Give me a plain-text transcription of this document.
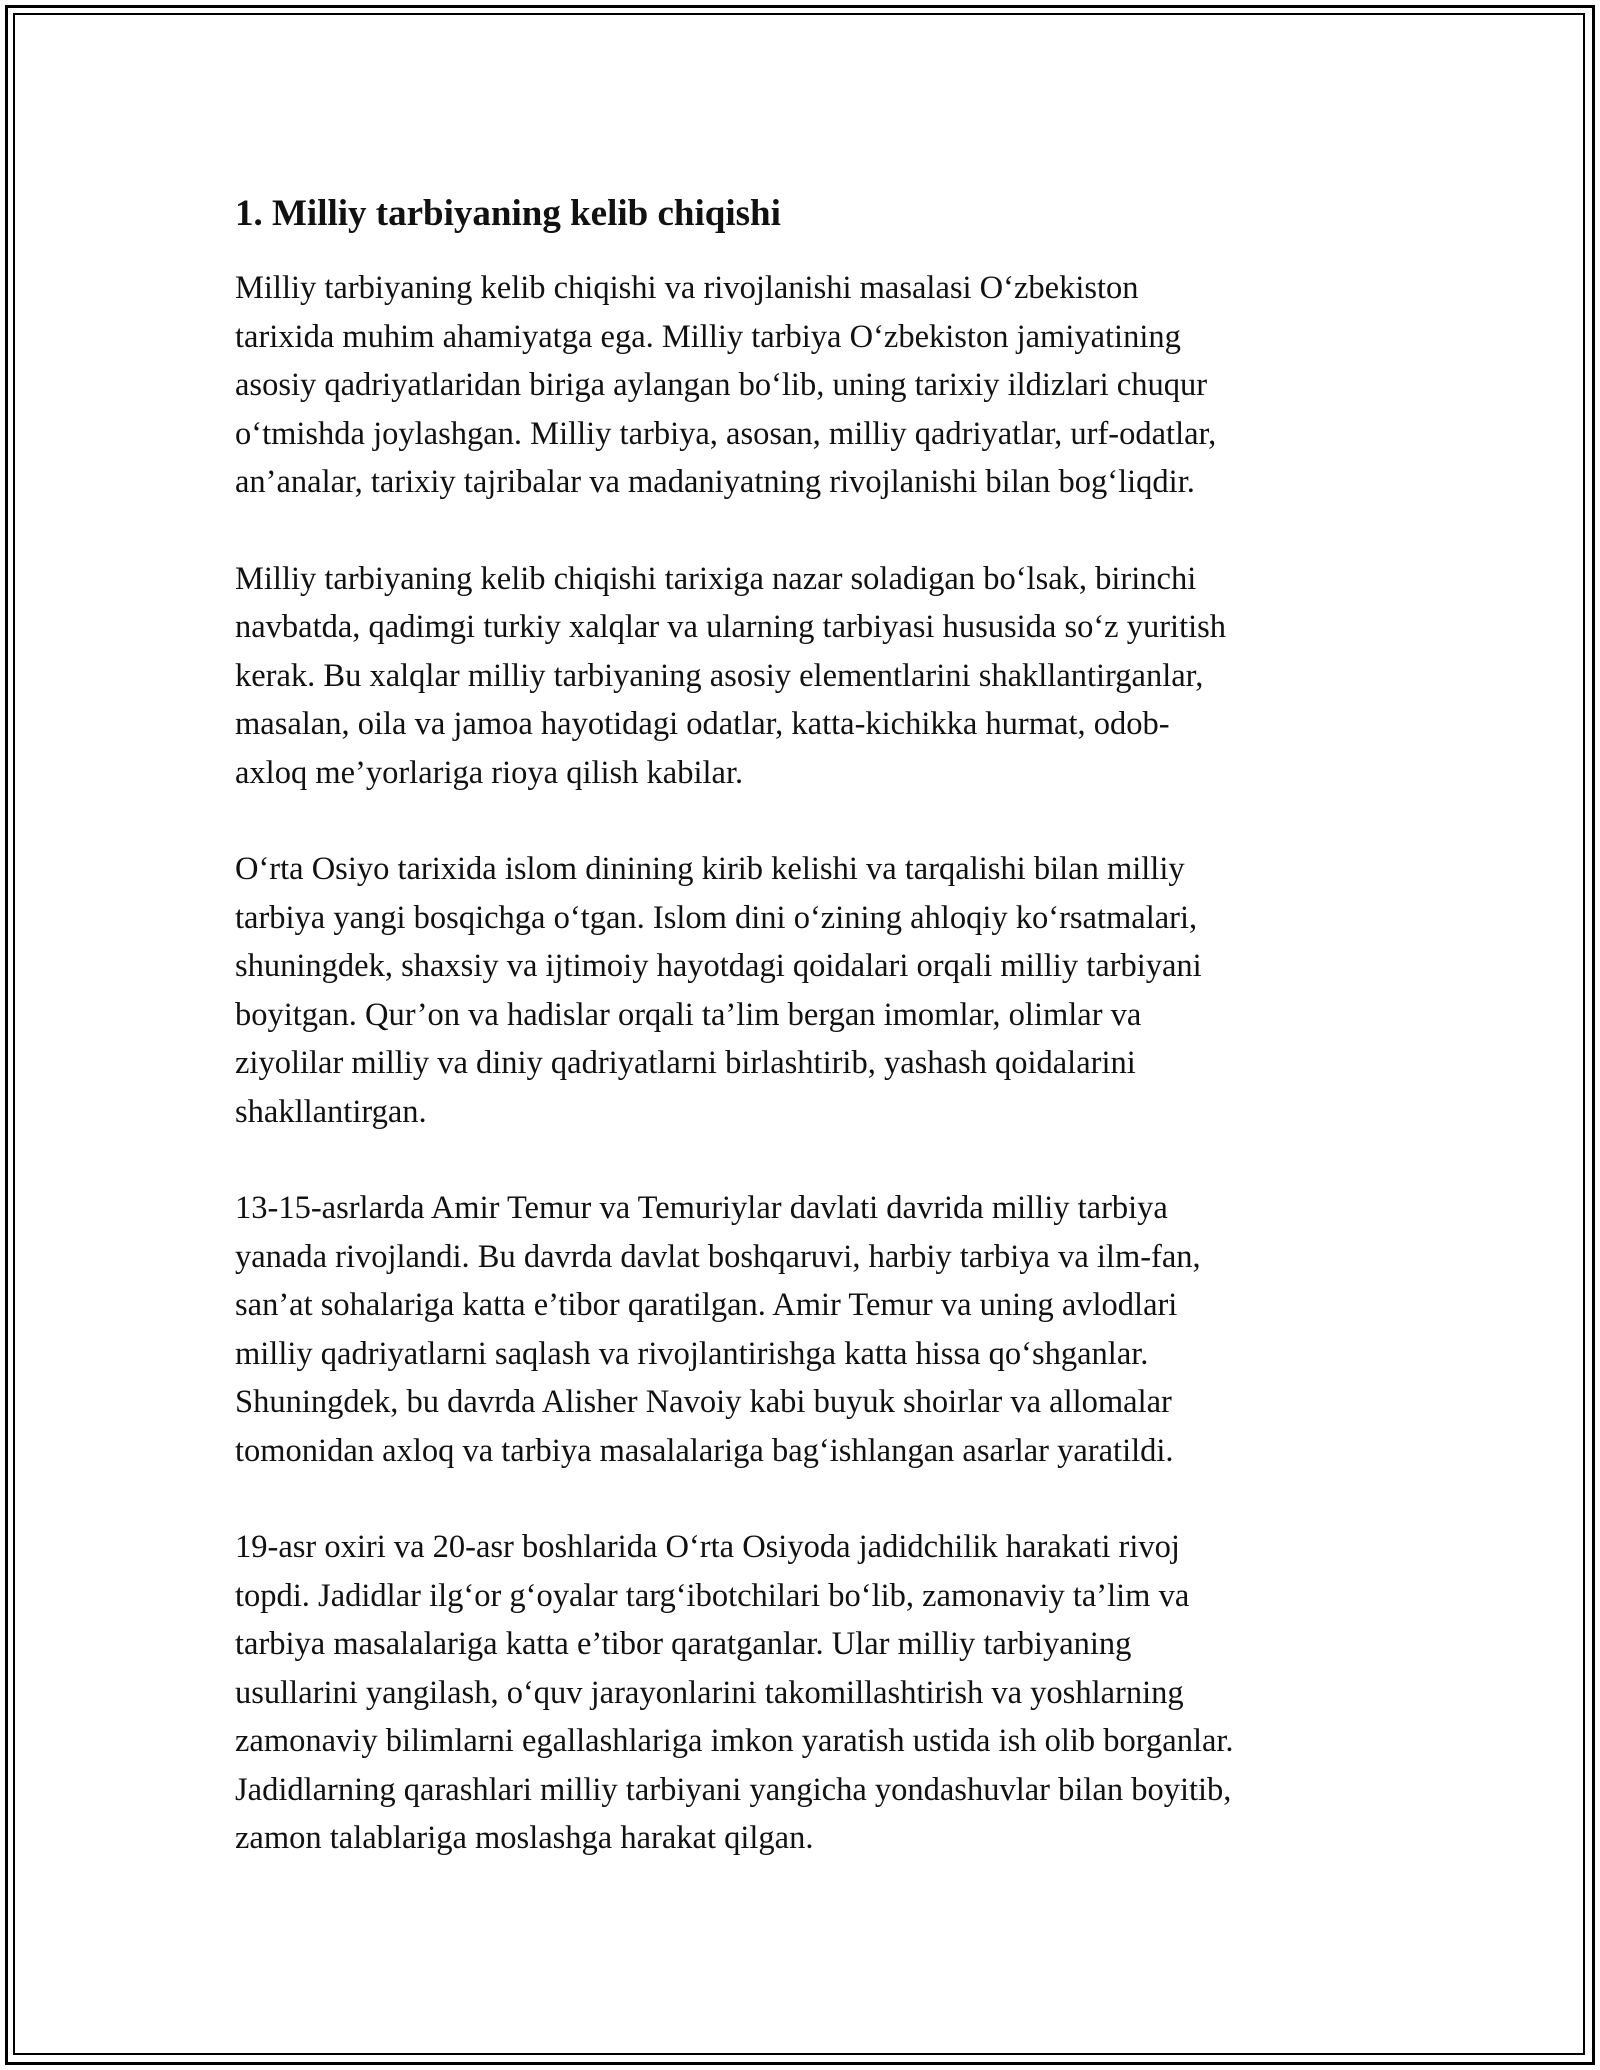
1. Milliy tarbiyaning kelib chiqishi

Milliy tarbiyaning kelib chiqishi va rivojlanishi masalasi O‘zbekiston
tarixida muhim ahamiyatga ega. Milliy tarbiya O‘zbekiston jamiyatining
asosiy qadriyatlaridan biriga aylangan bo‘lib, uning tarixiy ildizlari chuqur
o‘tmishda joylashgan. Milliy tarbiya, asosan, milliy qadriyatlar, urf-odatlar,
an’analar, tarixiy tajribalar va madaniyatning rivojlanishi bilan bog‘liqdir.

Milliy tarbiyaning kelib chiqishi tarixiga nazar soladigan bo‘lsak, birinchi
navbatda, qadimgi turkiy xalqlar va ularning tarbiyasi hususida so‘z yuritish
kerak. Bu xalqlar milliy tarbiyaning asosiy elementlarini shakllantirganlar,
masalan, oila va jamoa hayotidagi odatlar, katta-kichikka hurmat, odob-
axloq me’yorlariga rioya qilish kabilar.

O‘rta Osiyo tarixida islom dinining kirib kelishi va tarqalishi bilan milliy
tarbiya yangi bosqichga o‘tgan. Islom dini o‘zining ahloqiy ko‘rsatmalari,
shuningdek, shaxsiy va ijtimoiy hayotdagi qoidalari orqali milliy tarbiyani
boyitgan. Qur’on va hadislar orqali ta’lim bergan imomlar, olimlar va
ziyolilar milliy va diniy qadriyatlarni birlashtirib, yashash qoidalarini
shakllantirgan.

13-15-asrlarda Amir Temur va Temuriylar davlati davrida milliy tarbiya
yanada rivojlandi. Bu davrda davlat boshqaruvi, harbiy tarbiya va ilm-fan,
san’at sohalariga katta e’tibor qaratilgan. Amir Temur va uning avlodlari
milliy qadriyatlarni saqlash va rivojlantirishga katta hissa qo‘shganlar.
Shuningdek, bu davrda Alisher Navoiy kabi buyuk shoirlar va allomalar
tomonidan axloq va tarbiya masalalariga bag‘ishlangan asarlar yaratildi.

19-asr oxiri va 20-asr boshlarida O‘rta Osiyoda jadidchilik harakati rivoj
topdi. Jadidlar ilg‘or g‘oyalar targ‘ibotchilari bo‘lib, zamonaviy ta’lim va
tarbiya masalalariga katta e’tibor qaratganlar. Ular milliy tarbiyaning
usullarini yangilash, o‘quv jarayonlarini takomillashtirish va yoshlarning
zamonaviy bilimlarni egallashlariga imkon yaratish ustida ish olib borganlar.
Jadidlarning qarashlari milliy tarbiyani yangicha yondashuvlar bilan boyitib,
zamon talablariga moslashga harakat qilgan.
